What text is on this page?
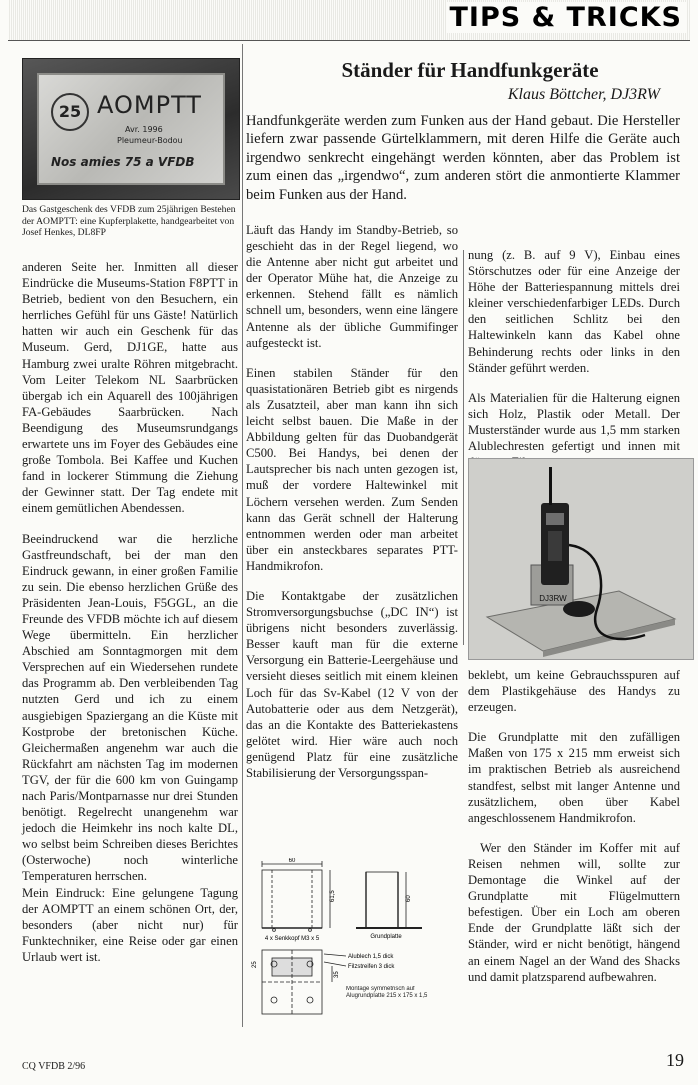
TIPS & TRICKS
25 AOMPTT
Avr. 1996
Pleumeur-Bodou
Nos amies 75 a VFDB
Das Gastgeschenk des VFDB zum 25jährigen Bestehen der AOMPTT: eine Kupferplakette, handgearbeitet von Josef Henkes, DL8FP

anderen Seite her. Inmitten all dieser Eindrücke die Museums-Station F8PTT in Betrieb, bedient von den Besuchern, ein herrliches Gefühl für uns Gäste! Natürlich hatten wir auch ein Geschenk für das Museum. Gerd, DJ1GE, hatte aus Hamburg zwei uralte Röhren mitgebracht. Vom Leiter Telekom NL Saarbrücken übergab ich ein Aquarell des 100jährigen FA-Gebäudes Saarbrücken. Nach Beendigung des Museumsrundgangs erwartete uns im Foyer des Gebäudes eine große Tombola. Bei Kaffee und Kuchen fand in lockerer Stimmung die Ziehung der Gewinner statt. Der Tag endete mit einem gemütlichen Abendessen.

Beeindruckend war die herzliche Gastfreundschaft, bei der man den Eindruck gewann, in einer großen Familie zu sein. Die ebenso herzlichen Grüße des Präsidenten Jean-Louis, F5GGL, an die Freunde des VFDB möchte ich auf diesem Wege übermitteln. Ein herzlicher Abschied am Sonntagmorgen mit dem Versprechen auf ein Wiedersehen rundete das Programm ab. Den verbleibenden Tag nutzten Gerd und ich zu einem ausgiebigen Spaziergang an die Küste mit Kostprobe der bretonischen Küche. Gleichermaßen angenehm war auch die Rückfahrt am nächsten Tag im modernen TGV, der für die 600 km von Guingamp nach Paris/Montparnasse nur drei Stunden benötigt. Regelrecht unangenehm war jedoch die Heimkehr ins noch kalte DL, wo selbst beim Schreiben dieses Berichtes (Osterwoche) noch winterliche Temperaturen herrschen.

Mein Eindruck: Eine gelungene Tagung der AOMPTT an einem schönen Ort, der, besonders (aber nicht nur) für Funktechniker, eine Reise oder gar einen Urlaub wert ist.

Ständer für Handfunkgeräte
Klaus Böttcher, DJ3RW

Handfunkgeräte werden zum Funken aus der Hand gebaut. Die Hersteller liefern zwar passende Gürtelklammern, mit deren Hilfe die Geräte auch irgendwo senkrecht eingehängt werden könnten, aber das Problem ist zum einen das „irgendwo“, zum anderen stört die anmontierte Klammer beim Funken aus der Hand.

Läuft das Handy im Standby-Betrieb, so geschieht das in der Regel liegend, wo die Antenne aber nicht gut arbeitet und der Operator Mühe hat, die Anzeige zu erkennen. Stehend fällt es nämlich schnell um, besonders, wenn eine längere Antenne als der übliche Gummifinger aufgesteckt ist.

Einen stabilen Ständer für den quasistationären Betrieb gibt es nirgends als Zusatzteil, aber man kann ihn sich leicht selbst bauen. Die Maße in der Abbildung gelten für das Duobandgerät C500. Bei Handys, bei denen der Lautsprecher bis nach unten gezogen ist, muß der vordere Haltewinkel mit Löchern versehen werden. Zum Senden kann das Gerät schnell der Halterung entnommen werden oder man arbeitet über ein ansteckbares separates PTT-Handmikrofon.

Die Kontaktgabe der zusätzlichen Stromversorgungsbuchse („DC IN“) ist übrigens nicht besonders zuverlässig. Besser kauft man für die externe Versorgung ein Batterie-Leergehäuse und versieht dieses seitlich mit einem kleinen Loch für das Sv-Kabel (12 V von der Autobatterie oder aus dem Netzgerät), das an die Kontakte des Batteriekastens gelötet wird. Hier wäre auch noch genügend Platz für eine zusätzliche Stabilisierung der Versorgungsspan-

nung (z. B. auf 9 V), Einbau eines Störschutzes oder für eine Anzeige der Höhe der Batteriespannung mittels drei kleiner verschiedenfarbiger LEDs. Durch den seitlichen Schlitz bei den Haltewinkeln kann das Kabel ohne Behinderung rechts oder links in den Ständer geführt werden.

Als Materialien für die Halterung eignen sich Holz, Plastik oder Metall. Der Musterständer wurde aus 1,5 mm starken Alublechresten gefertigt und innen mit

DJ3RW

beklebt, um keine Gebrauchsspuren auf dem Plastikgehäuse des Handys zu erzeugen.

Die Grundplatte mit den zufälligen Maßen von 175 x 215 mm erweist sich im praktischen Betrieb als ausreichend standfest, selbst mit langer Antenne und zusätzlichem, oben über Kabel angeschlossenem Handmikrofon.

Wer den Ständer im Koffer mit auf Reisen nehmen will, sollte zur Demontage die Winkel auf der Grundplatte mit Flügelmuttern befestigen. Über ein Loch am oberen Ende der Grundplatte läßt sich der Ständer, wird er nicht benötigt, hängend an einem Nagel an der Wand des Shacks und damit platzsparend aufbewahren.

60
61,5	60
4 x Senkkopf M3 x 5	Grundplatte
25
35
Alublech 1,5 dick
Filzstreifen 3 dick
Montage symmetrisch auf Alugrundplatte 215 x 175 x 1,5
CQ VFDB 2/96	19
